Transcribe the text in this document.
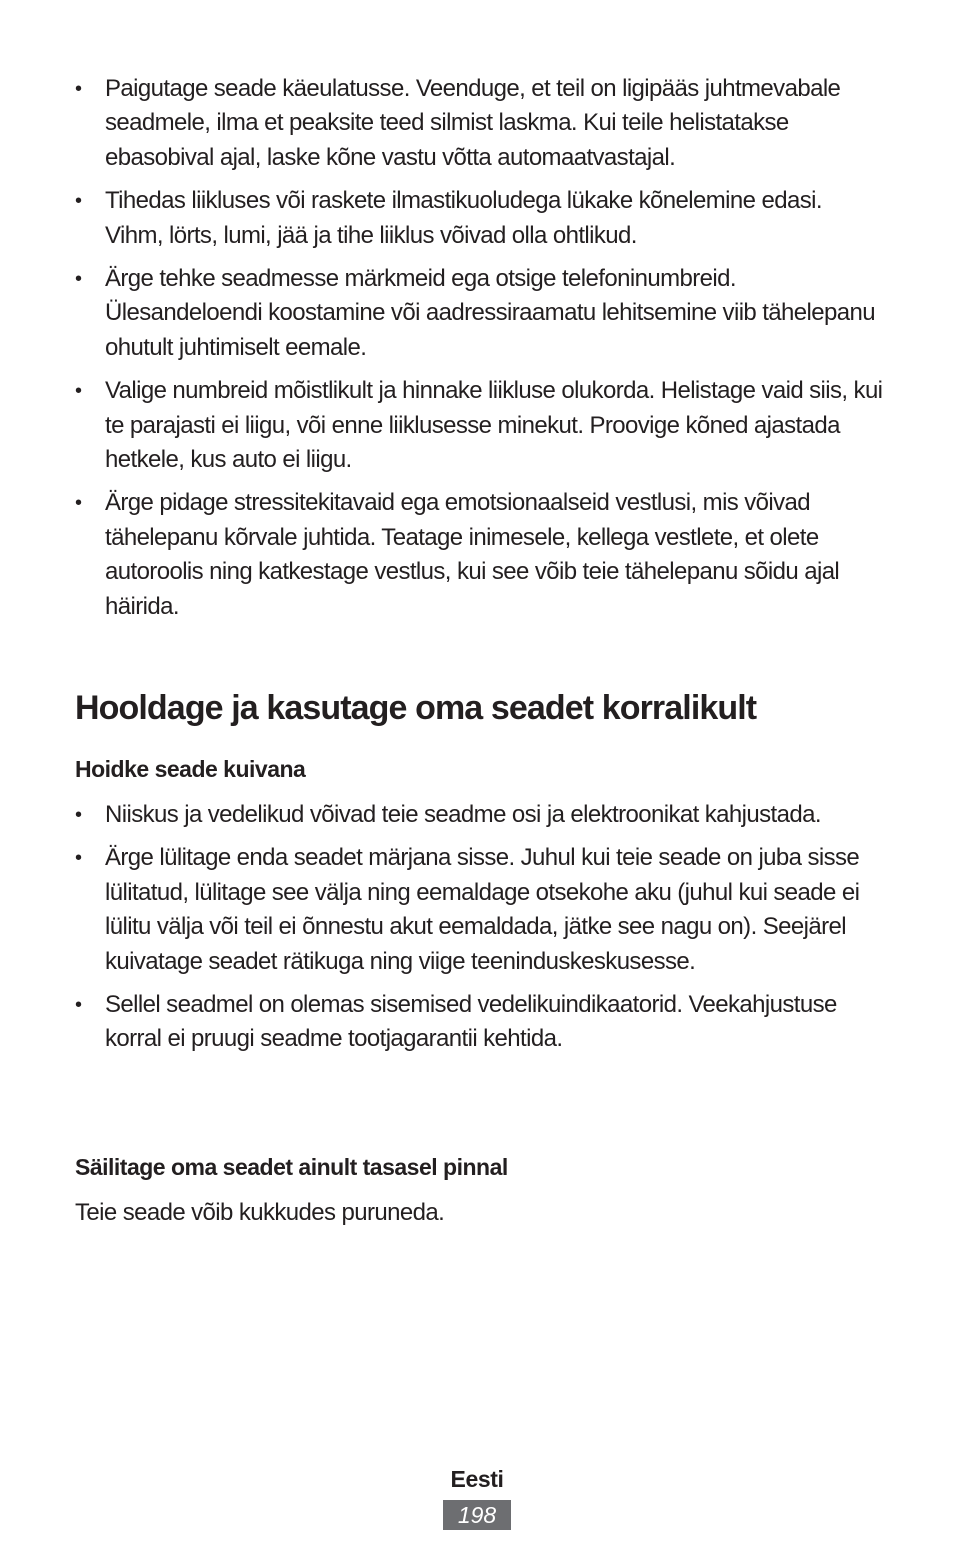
• Paigutage seade käeulatusse. Veenduge, et teil on ligipääs juhtmevabale seadmele, ilma et peaksite teed silmist laskma. Kui teile helistatakse ebasobival ajal, laske kõne vastu võtta automaatvastajal.
• Tihedas liikluses või raskete ilmastikuoludega lükake kõnelemine edasi. Vihm, lörts, lumi, jää ja tihe liiklus võivad olla ohtlikud.
• Ärge tehke seadmesse märkmeid ega otsige telefoninumbreid. Ülesandeloendi koostamine või aadressiraamatu lehitsemine viib tähelepanu ohutult juhtimiselt eemale.
• Valige numbreid mõistlikult ja hinnake liikluse olukorda. Helistage vaid siis, kui te parajasti ei liigu, või enne liiklusesse minekut. Proovige kõned ajastada hetkele, kus auto ei liigu.
• Ärge pidage stressitekitavaid ega emotsionaalseid vestlusi, mis võivad tähelepanu kõrvale juhtida. Teatage inimesele, kellega vestlete, et olete autoroolis ning katkestage vestlus, kui see võib teie tähelepanu sõidu ajal häirida.
Hooldage ja kasutage oma seadet korralikult
Hoidke seade kuivana
• Niiskus ja vedelikud võivad teie seadme osi ja elektroonikat kahjustada.
• Ärge lülitage enda seadet märjana sisse. Juhul kui teie seade on juba sisse lülitatud, lülitage see välja ning eemaldage otsekohe aku (juhul kui seade ei lülitu välja või teil ei õnnestu akut eemaldada, jätke see nagu on). Seejärel kuivatage seadet rätikuga ning viige teeninduskeskusesse.
• Sellel seadmel on olemas sisemised vedelikuindikaatorid. Veekahjustuse korral ei pruugi seadme tootjagarantii kehtida.
Säilitage oma seadet ainult tasasel pinnal

Teie seade võib kukkudes puruneda.

Eesti
198
